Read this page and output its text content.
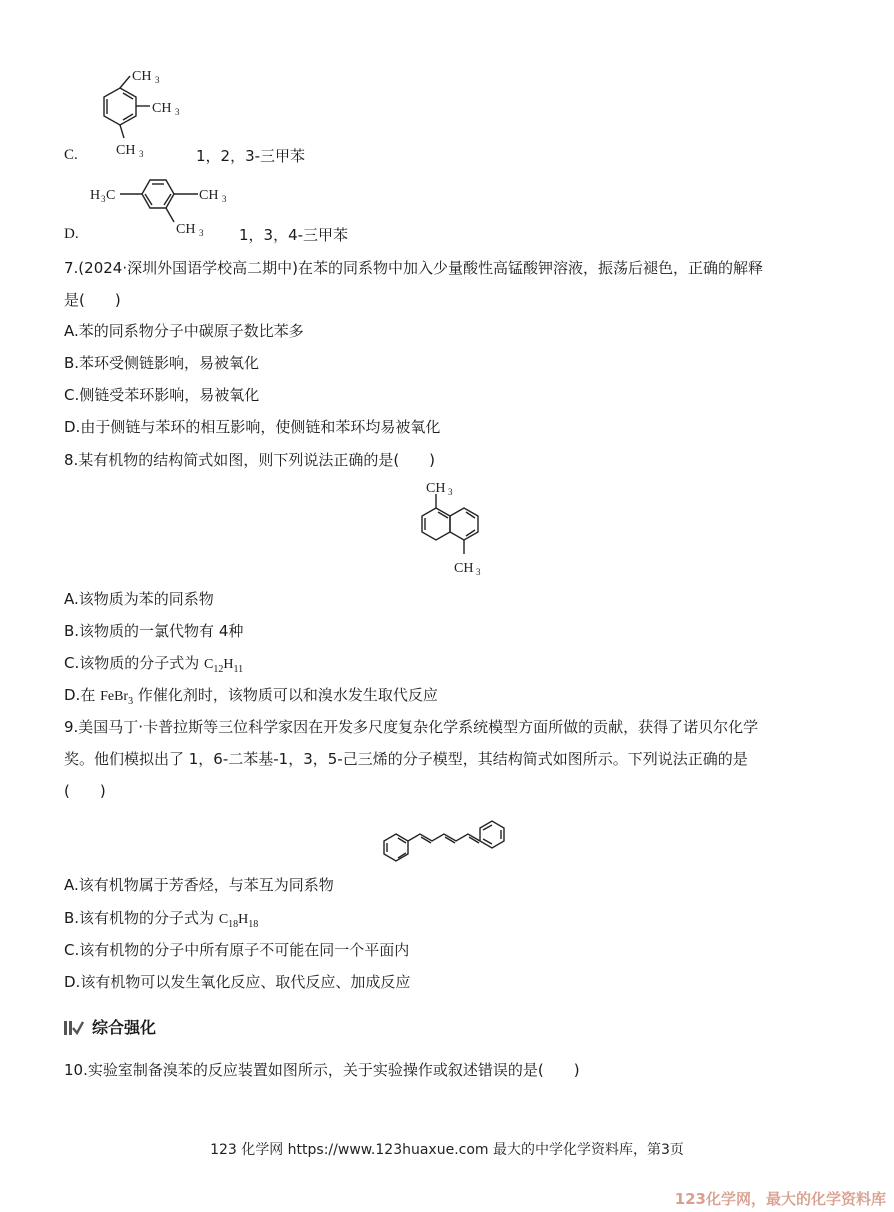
CH 3
CH 3
CH 3
C.	1，2，3-三甲苯
H 3 C	CH 3
CH 3
D.	1，3，4-三甲苯
7.(2024·深圳外国语学校高二期中)在苯的同系物中加入少量酸性高锰酸钾溶液，振荡后褪色，正确的解释
是(　　)
A.苯的同系物分子中碳原子数比苯多
B.苯环受侧链影响，易被氧化
C.侧链受苯环影响，易被氧化
D.由于侧链与苯环的相互影响，使侧链和苯环均易被氧化
8.某有机物的结构简式如图，则下列说法正确的是(　　)
CH 3
CH 3
A.该物质为苯的同系物
B.该物质的一氯代物有 4种
C.该物质的分子式为 $C_{12}H_{11}$
D.在 FeBr$_3$ 作催化剂时，该物质可以和溴水发生取代反应
9.美国马丁·卡普拉斯等三位科学家因在开发多尺度复杂化学系统模型方面所做的贡献，获得了诺贝尔化学
奖。他们模拟出了 1，6-二苯基-1，3，5-己三烯的分子模型，其结构简式如图所示。下列说法正确的是
(　　)
A.该有机物属于芳香烃，与苯互为同系物
B.该有机物的分子式为 $C_{18}H_{18}$
C.该有机物的分子中所有原子不可能在同一个平面内
D.该有机物可以发生氧化反应、取代反应、加成反应
综合强化
10.实验室制备溴苯的反应装置如图所示，关于实验操作或叙述错误的是(　　)
123 化学网 https://www.123huaxue.com 最大的中学化学资料库，第3页
123化学网，最大的化学资料库
